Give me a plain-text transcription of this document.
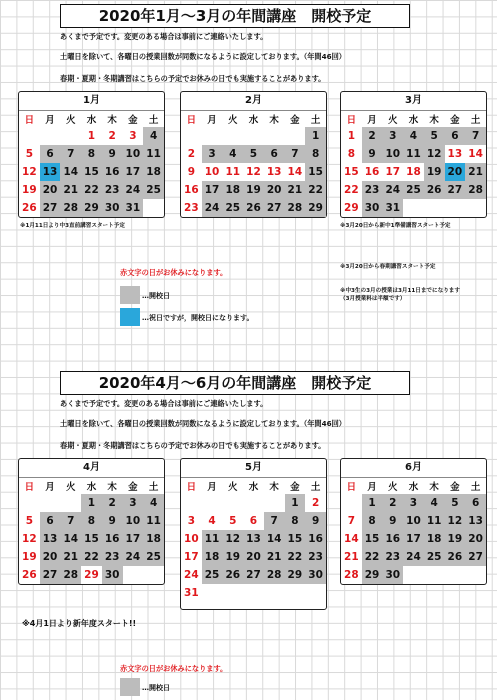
2020年1月～3月の年間講座　開校予定
あくまで予定です。変更のある場合は事前にご連絡いたします。
土曜日を除いて、各曜日の授業回数が同数になるように設定しております。（年間46回）
春期・夏期・冬期講習はこちらの予定でお休みの日でも実施することがあります。
1月
日	月	火	水	木	金	土
			1	2	3	4
5	6	7	8	9	10	11
12	13	14	15	16	17	18
19	20	21	22	23	24	25
26	27	28	29	30	31	
2月
日	月	火	水	木	金	土
						1
2	3	4	5	6	7	8
9	10	11	12	13	14	15
16	17	18	19	20	21	22
23	24	25	26	27	28	29
3月
日	月	火	水	木	金	土
1	2	3	4	5	6	7
8	9	10	11	12	13	14
15	16	17	18	19	20	21
22	23	24	25	26	27	28
29	30	31				
※1月11日より中3直前講習スタート予定	※3月20日から新中1準備講習スタート予定
※3月20日から春期講習スタート予定
※中3生の3月の授業は3月11日までになります
（3月授業料は半額です）
赤文字の日がお休みになります。
…開校日
…祝日ですが，開校日になります。
2020年4月～6月の年間講座　開校予定
あくまで予定です。変更のある場合は事前にご連絡いたします。
土曜日を除いて、各曜日の授業回数が同数になるように設定しております。（年間46回）
春期・夏期・冬期講習はこちらの予定でお休みの日でも実施することがあります。
4月
日	月	火	水	木	金	土
			1	2	3	4
5	6	7	8	9	10	11
12	13	14	15	16	17	18
19	20	21	22	23	24	25
26	27	28	29	30		
5月
日	月	火	水	木	金	土
					1	2
3	4	5	6	7	8	9
10	11	12	13	14	15	16
17	18	19	20	21	22	23
24	25	26	27	28	29	30
31						
6月
日	月	火	水	木	金	土
	1	2	3	4	5	6
7	8	9	10	11	12	13
14	15	16	17	18	19	20
21	22	23	24	25	26	27
28	29	30				
※4月1日より新年度スタート!!
赤文字の日がお休みになります。
…開校日
